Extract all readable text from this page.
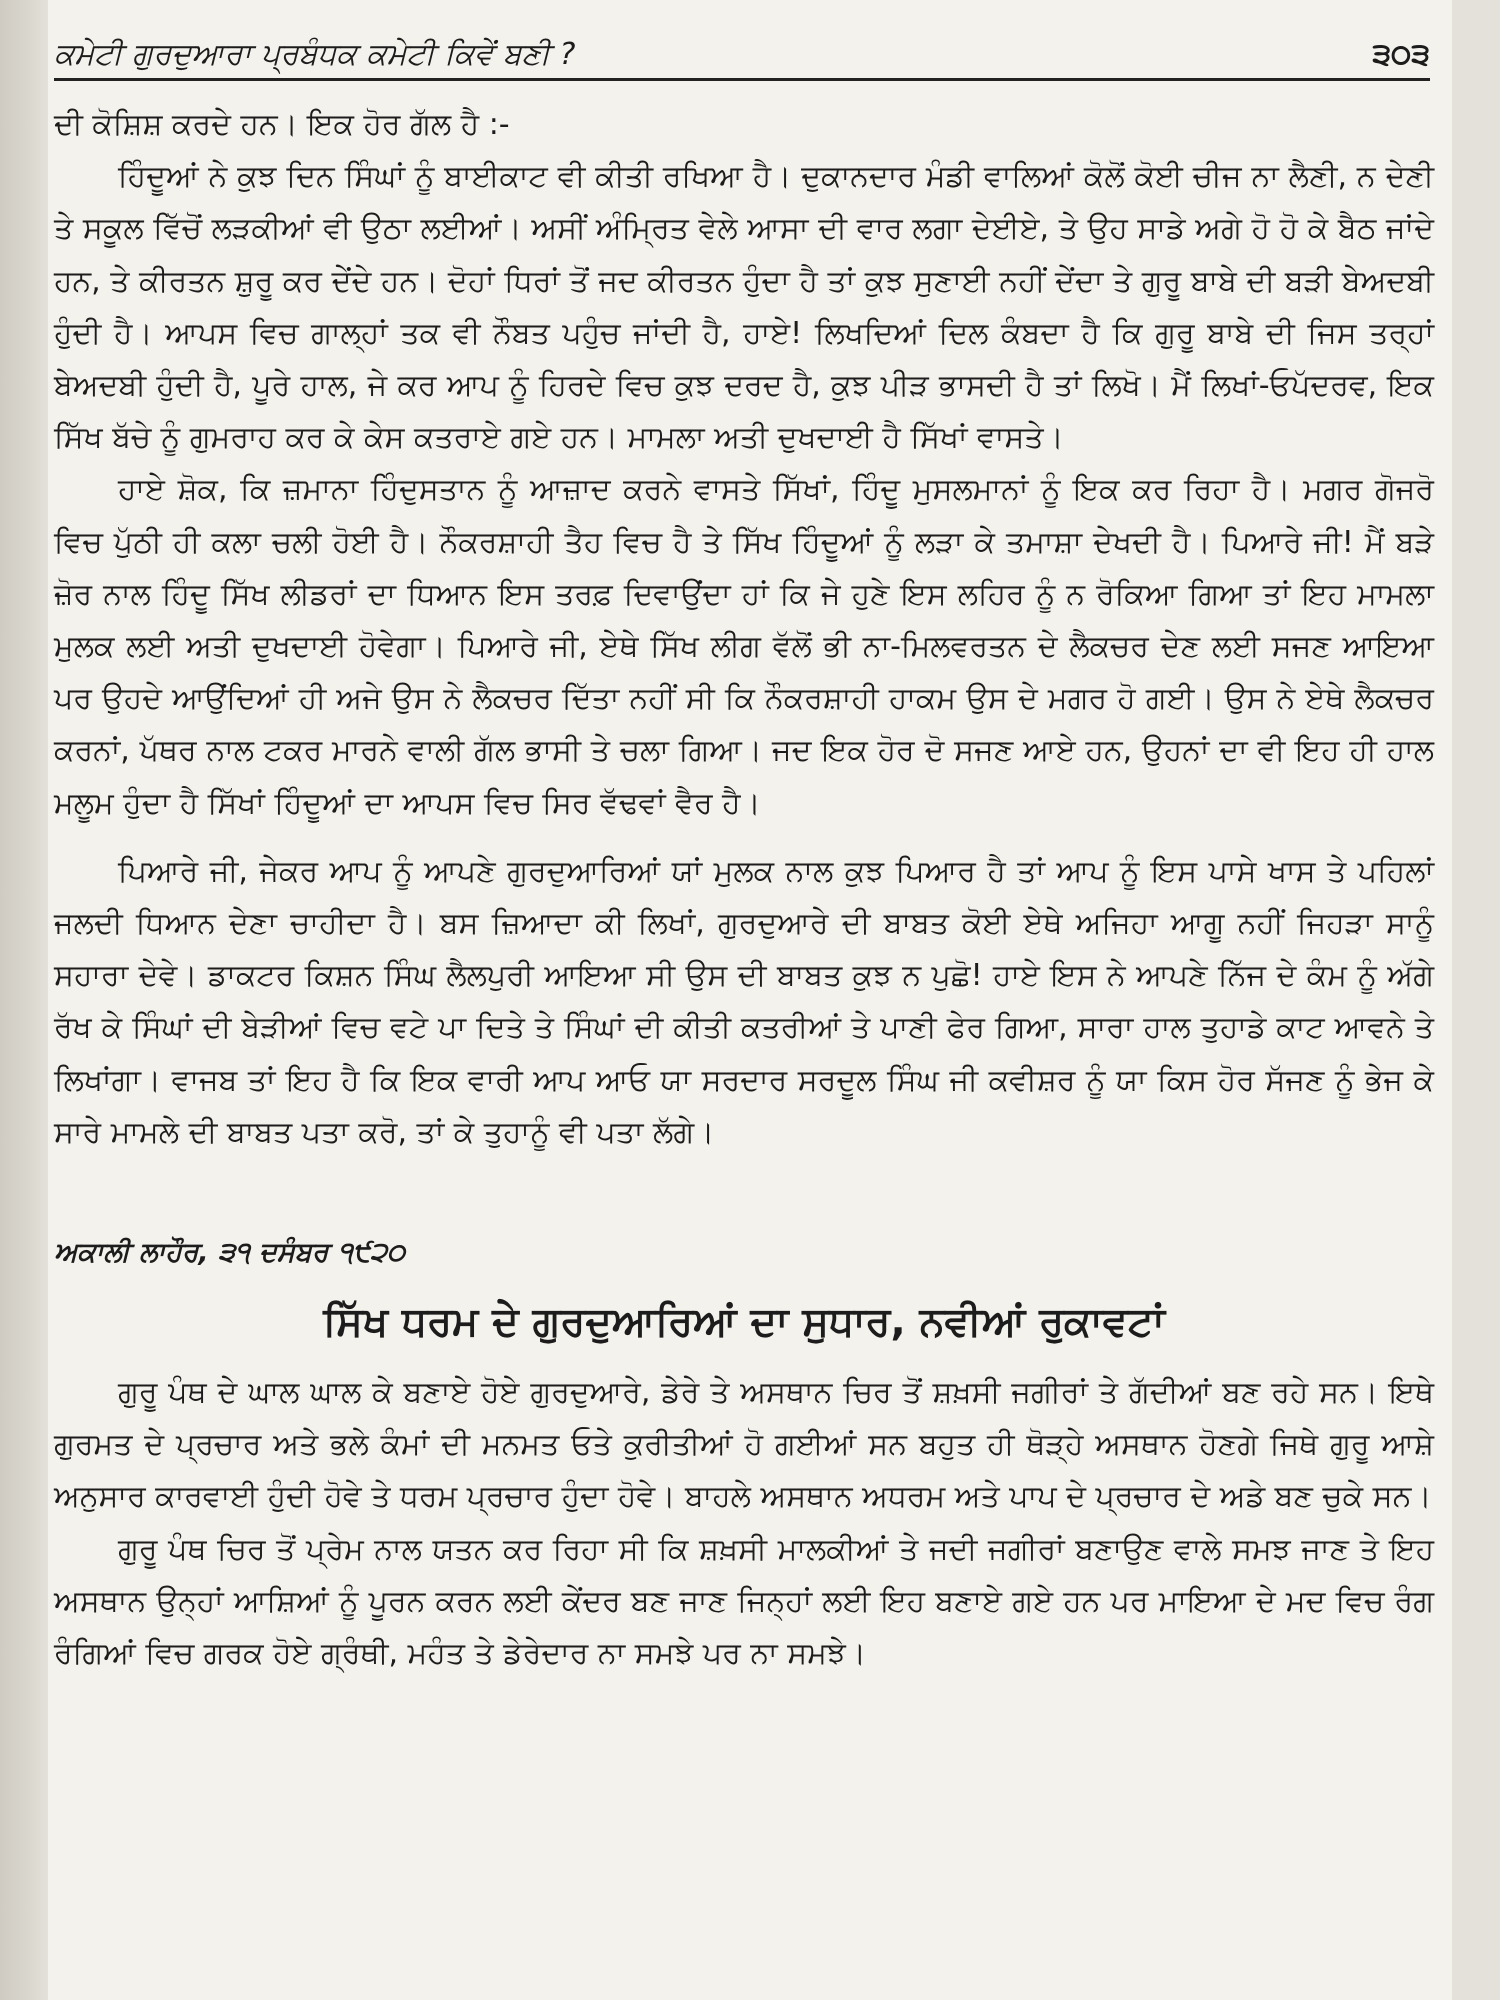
ਕਮੇਟੀ ਗੁਰਦੁਆਰਾ ਪ੍ਰਬੰਧਕ ਕਮੇਟੀ ਕਿਵੇਂ ਬਣੀ ?	੩੦੩

ਦੀ ਕੋਸ਼ਿਸ਼ ਕਰਦੇ ਹਨ। ਇਕ ਹੋਰ ਗੱਲ ਹੈ :-

ਹਿੰਦੂਆਂ ਨੇ ਕੁਝ ਦਿਨ ਸਿੰਘਾਂ ਨੂੰ ਬਾਈਕਾਟ ਵੀ ਕੀਤੀ ਰਖਿਆ ਹੈ। ਦੁਕਾਨਦਾਰ ਮੰਡੀ ਵਾਲਿਆਂ ਕੋਲੋਂ ਕੋਈ ਚੀਜ ਨਾ ਲੈਣੀ, ਨ ਦੇਣੀ ਤੇ ਸਕੂਲ ਵਿੱਚੋਂ ਲੜਕੀਆਂ ਵੀ ਉਠਾ ਲਈਆਂ। ਅਸੀਂ ਅੰਮ੍ਰਿਤ ਵੇਲੇ ਆਸਾ ਦੀ ਵਾਰ ਲਗਾ ਦੇਈਏ, ਤੇ ਉਹ ਸਾਡੇ ਅਗੇ ਹੋ ਹੋ ਕੇ ਬੈਠ ਜਾਂਦੇ ਹਨ, ਤੇ ਕੀਰਤਨ ਸ਼ੁਰੂ ਕਰ ਦੇਂਦੇ ਹਨ। ਦੋਹਾਂ ਧਿਰਾਂ ਤੋਂ ਜਦ ਕੀਰਤਨ ਹੁੰਦਾ ਹੈ ਤਾਂ ਕੁਝ ਸੁਣਾਈ ਨਹੀਂ ਦੇਂਦਾ ਤੇ ਗੁਰੂ ਬਾਬੇ ਦੀ ਬੜੀ ਬੇਅਦਬੀ ਹੁੰਦੀ ਹੈ। ਆਪਸ ਵਿਚ ਗਾਲ੍ਹਾਂ ਤਕ ਵੀ ਨੌਬਤ ਪਹੁੰਚ ਜਾਂਦੀ ਹੈ, ਹਾਏ! ਲਿਖਦਿਆਂ ਦਿਲ ਕੰਬਦਾ ਹੈ ਕਿ ਗੁਰੂ ਬਾਬੇ ਦੀ ਜਿਸ ਤਰ੍ਹਾਂ ਬੇਅਦਬੀ ਹੁੰਦੀ ਹੈ, ਪੂਰੇ ਹਾਲ, ਜੇ ਕਰ ਆਪ ਨੂੰ ਹਿਰਦੇ ਵਿਚ ਕੁਝ ਦਰਦ ਹੈ, ਕੁਝ ਪੀੜ ਭਾਸਦੀ ਹੈ ਤਾਂ ਲਿਖੋ। ਮੈਂ ਲਿਖਾਂ-ਓਪੱਦਰਵ, ਇਕ ਸਿੱਖ ਬੱਚੇ ਨੂੰ ਗੁਮਰਾਹ ਕਰ ਕੇ ਕੇਸ ਕਤਰਾਏ ਗਏ ਹਨ। ਮਾਮਲਾ ਅਤੀ ਦੁਖਦਾਈ ਹੈ ਸਿੱਖਾਂ ਵਾਸਤੇ।

ਹਾਏ ਸ਼ੋਕ, ਕਿ ਜ਼ਮਾਨਾ ਹਿੰਦੁਸਤਾਨ ਨੂੰ ਆਜ਼ਾਦ ਕਰਨੇ ਵਾਸਤੇ ਸਿੱਖਾਂ, ਹਿੰਦੂ ਮੁਸਲਮਾਨਾਂ ਨੂੰ ਇਕ ਕਰ ਰਿਹਾ ਹੈ। ਮਗਰ ਗੋਜਰੋ ਵਿਚ ਪੁੱਠੀ ਹੀ ਕਲਾ ਚਲੀ ਹੋਈ ਹੈ। ਨੌਕਰਸ਼ਾਹੀ ਤੈਹ ਵਿਚ ਹੈ ਤੇ ਸਿੱਖ ਹਿੰਦੂਆਂ ਨੂੰ ਲੜਾ ਕੇ ਤਮਾਸ਼ਾ ਦੇਖਦੀ ਹੈ। ਪਿਆਰੇ ਜੀ! ਮੈਂ ਬੜੇ ਜ਼ੋਰ ਨਾਲ ਹਿੰਦੂ ਸਿੱਖ ਲੀਡਰਾਂ ਦਾ ਧਿਆਨ ਇਸ ਤਰਫ਼ ਦਿਵਾਉਂਦਾ ਹਾਂ ਕਿ ਜੇ ਹੁਣੇ ਇਸ ਲਹਿਰ ਨੂੰ ਨ ਰੋਕਿਆ ਗਿਆ ਤਾਂ ਇਹ ਮਾਮਲਾ ਮੁਲਕ ਲਈ ਅਤੀ ਦੁਖਦਾਈ ਹੋਵੇਗਾ। ਪਿਆਰੇ ਜੀ, ਏਥੇ ਸਿੱਖ ਲੀਗ ਵੱਲੋਂ ਭੀ ਨਾ-ਮਿਲਵਰਤਨ ਦੇ ਲੈਕਚਰ ਦੇਣ ਲਈ ਸਜਣ ਆਇਆ ਪਰ ਉਹਦੇ ਆਉਂਦਿਆਂ ਹੀ ਅਜੇ ਉਸ ਨੇ ਲੈਕਚਰ ਦਿੱਤਾ ਨਹੀਂ ਸੀ ਕਿ ਨੌਕਰਸ਼ਾਹੀ ਹਾਕਮ ਉਸ ਦੇ ਮਗਰ ਹੋ ਗਈ। ਉਸ ਨੇ ਏਥੇ ਲੈਕਚਰ ਕਰਨਾਂ, ਪੱਥਰ ਨਾਲ ਟਕਰ ਮਾਰਨੇ ਵਾਲੀ ਗੱਲ ਭਾਸੀ ਤੇ ਚਲਾ ਗਿਆ। ਜਦ ਇਕ ਹੋਰ ਦੋ ਸਜਣ ਆਏ ਹਨ, ਉਹਨਾਂ ਦਾ ਵੀ ਇਹ ਹੀ ਹਾਲ ਮਲੂਮ ਹੁੰਦਾ ਹੈ ਸਿੱਖਾਂ ਹਿੰਦੂਆਂ ਦਾ ਆਪਸ ਵਿਚ ਸਿਰ ਵੱਢਵਾਂ ਵੈਰ ਹੈ।

ਪਿਆਰੇ ਜੀ, ਜੇਕਰ ਆਪ ਨੂੰ ਆਪਣੇ ਗੁਰਦੁਆਰਿਆਂ ਯਾਂ ਮੁਲਕ ਨਾਲ ਕੁਝ ਪਿਆਰ ਹੈ ਤਾਂ ਆਪ ਨੂੰ ਇਸ ਪਾਸੇ ਖਾਸ ਤੇ ਪਹਿਲਾਂ ਜਲਦੀ ਧਿਆਨ ਦੇਣਾ ਚਾਹੀਦਾ ਹੈ। ਬਸ ਜ਼ਿਆਦਾ ਕੀ ਲਿਖਾਂ, ਗੁਰਦੁਆਰੇ ਦੀ ਬਾਬਤ ਕੋਈ ਏਥੇ ਅਜਿਹਾ ਆਗੂ ਨਹੀਂ ਜਿਹੜਾ ਸਾਨੂੰ ਸਹਾਰਾ ਦੇਵੇ। ਡਾਕਟਰ ਕਿਸ਼ਨ ਸਿੰਘ ਲੈਲਪੁਰੀ ਆਇਆ ਸੀ ਉਸ ਦੀ ਬਾਬਤ ਕੁਝ ਨ ਪੁਛੋ! ਹਾਏ ਇਸ ਨੇ ਆਪਣੇ ਨਿੱਜ ਦੇ ਕੰਮ ਨੂੰ ਅੱਗੇ ਰੱਖ ਕੇ ਸਿੰਘਾਂ ਦੀ ਬੇੜੀਆਂ ਵਿਚ ਵਟੇ ਪਾ ਦਿਤੇ ਤੇ ਸਿੰਘਾਂ ਦੀ ਕੀਤੀ ਕਤਰੀਆਂ ਤੇ ਪਾਣੀ ਫੇਰ ਗਿਆ, ਸਾਰਾ ਹਾਲ ਤੁਹਾਡੇ ਕਾਟ ਆਵਨੇ ਤੇ ਲਿਖਾਂਗਾ। ਵਾਜਬ ਤਾਂ ਇਹ ਹੈ ਕਿ ਇਕ ਵਾਰੀ ਆਪ ਆਓ ਯਾ ਸਰਦਾਰ ਸਰਦੂਲ ਸਿੰਘ ਜੀ ਕਵੀਸ਼ਰ ਨੂੰ ਯਾ ਕਿਸ ਹੋਰ ਸੱਜਣ ਨੂੰ ਭੇਜ ਕੇ ਸਾਰੇ ਮਾਮਲੇ ਦੀ ਬਾਬਤ ਪਤਾ ਕਰੋ, ਤਾਂ ਕੇ ਤੁਹਾਨੂੰ ਵੀ ਪਤਾ ਲੱਗੇ।

ਅਕਾਲੀ ਲਾਹੌਰ, ੩੧ ਦਸੰਬਰ ੧੯੨੦

ਸਿੱਖ ਧਰਮ ਦੇ ਗੁਰਦੁਆਰਿਆਂ ਦਾ ਸੁਧਾਰ, ਨਵੀਆਂ ਰੁਕਾਵਟਾਂ

ਗੁਰੂ ਪੰਥ ਦੇ ਘਾਲ ਘਾਲ ਕੇ ਬਣਾਏ ਹੋਏ ਗੁਰਦੁਆਰੇ, ਡੇਰੇ ਤੇ ਅਸਥਾਨ ਚਿਰ ਤੋਂ ਸ਼ਖ਼ਸੀ ਜਗੀਰਾਂ ਤੇ ਗੱਦੀਆਂ ਬਣ ਰਹੇ ਸਨ। ਇਥੇ ਗੁਰਮਤ ਦੇ ਪ੍ਰਚਾਰ ਅਤੇ ਭਲੇ ਕੰਮਾਂ ਦੀ ਮਨਮਤ ਓਤੇ ਕੁਰੀਤੀਆਂ ਹੋ ਗਈਆਂ ਸਨ ਬਹੁਤ ਹੀ ਥੋੜ੍ਹੇ ਅਸਥਾਨ ਹੋਣਗੇ ਜਿਥੇ ਗੁਰੂ ਆਸ਼ੇ ਅਨੁਸਾਰ ਕਾਰਵਾਈ ਹੁੰਦੀ ਹੋਵੇ ਤੇ ਧਰਮ ਪ੍ਰਚਾਰ ਹੁੰਦਾ ਹੋਵੇ। ਬਾਹਲੇ ਅਸਥਾਨ ਅਧਰਮ ਅਤੇ ਪਾਪ ਦੇ ਪ੍ਰਚਾਰ ਦੇ ਅਡੇ ਬਣ ਚੁਕੇ ਸਨ।

ਗੁਰੂ ਪੰਥ ਚਿਰ ਤੋਂ ਪ੍ਰੇਮ ਨਾਲ ਯਤਨ ਕਰ ਰਿਹਾ ਸੀ ਕਿ ਸ਼ਖ਼ਸੀ ਮਾਲਕੀਆਂ ਤੇ ਜਦੀ ਜਗੀਰਾਂ ਬਣਾਉਣ ਵਾਲੇ ਸਮਝ ਜਾਣ ਤੇ ਇਹ ਅਸਥਾਨ ਉਨ੍ਹਾਂ ਆਸ਼ਿਆਂ ਨੂੰ ਪੂਰਨ ਕਰਨ ਲਈ ਕੇਂਦਰ ਬਣ ਜਾਣ ਜਿਨ੍ਹਾਂ ਲਈ ਇਹ ਬਣਾਏ ਗਏ ਹਨ ਪਰ ਮਾਇਆ ਦੇ ਮਦ ਵਿਚ ਰੰਗ ਰੰਗਿਆਂ ਵਿਚ ਗਰਕ ਹੋਏ ਗ੍ਰੰਥੀ, ਮਹੰਤ ਤੇ ਡੇਰੇਦਾਰ ਨਾ ਸਮਝੇ ਪਰ ਨਾ ਸਮਝੇ।
